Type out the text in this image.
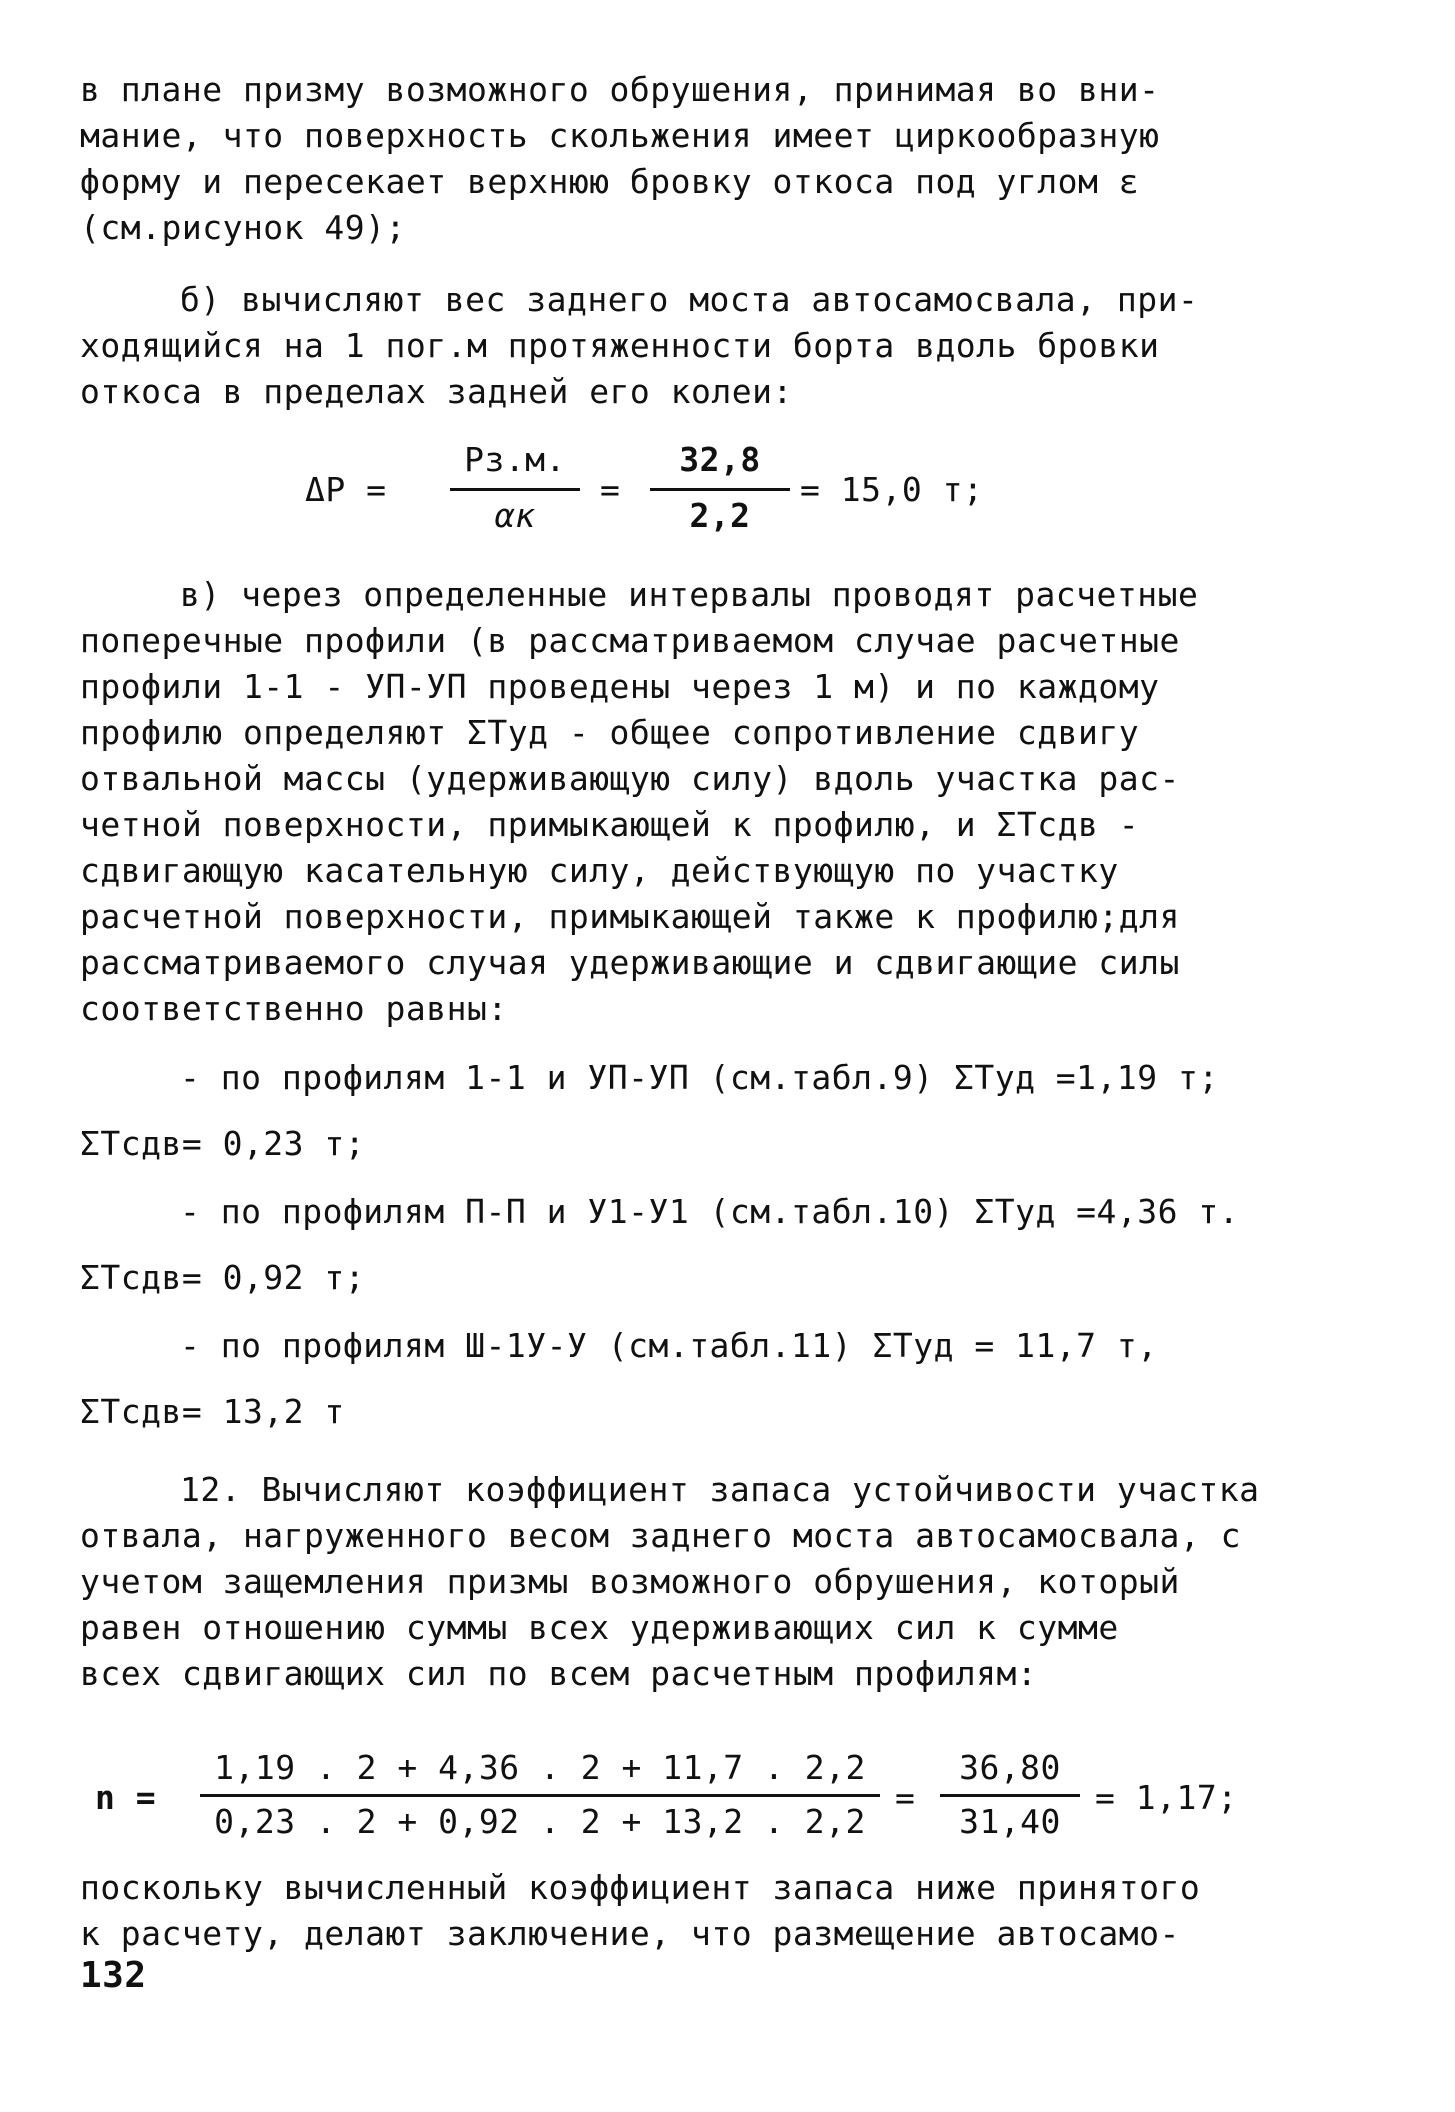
в плане призму возможного обрушения, принимая во вни-
мание, что поверхность скольжения имеет циркообразную
форму и пересекает верхнюю бровку откоса под углом ε
(см.рисунок 49);
б) вычисляют вес заднего моста автосамосвала, при-
ходящийся на 1 пог.м протяженности борта вдоль бровки
откоса в пределах задней его колеи:
ΔP =
Pз.м.
αк
=
32,8
2,2
= 15,0 т;
в) через определенные интервалы проводят расчетные
поперечные профили (в рассматриваемом случае расчетные
профили 1-1 - УП-УП проведены через 1 м) и по каждому
профилю определяют ΣTуд - общее сопротивление сдвигу
отвальной массы (удерживающую силу) вдоль участка рас-
четной поверхности, примыкающей к профилю, и ΣTсдв -
сдвигающую касательную силу, действующую по участку
расчетной поверхности, примыкающей также к профилю;для
рассматриваемого случая удерживающие и сдвигающие силы
соответственно равны:
- по профилям 1-1 и УП-УП (см.табл.9) ΣTуд =1,19 т;
ΣTсдв= 0,23 т;
- по профилям П-П и У1-У1 (см.табл.10) ΣTуд =4,36 т.
ΣTсдв= 0,92 т;
- по профилям Ш-1У-У (см.табл.11) ΣTуд = 11,7 т,
ΣTсдв= 13,2 т
12. Вычисляют коэффициент запаса устойчивости участка
отвала, нагруженного весом заднего моста автосамосвала, с
учетом защемления призмы возможного обрушения, который
равен отношению суммы всех удерживающих сил к сумме
всех сдвигающих сил по всем расчетным профилям:
n =
1,19 . 2 + 4,36 . 2 + 11,7 . 2,2
0,23 . 2 + 0,92 . 2 + 13,2 . 2,2
=
36,80
31,40
= 1,17;
поскольку вычисленный коэффициент запаса ниже принятого
к расчету, делают заключение, что размещение автосамо-
132
